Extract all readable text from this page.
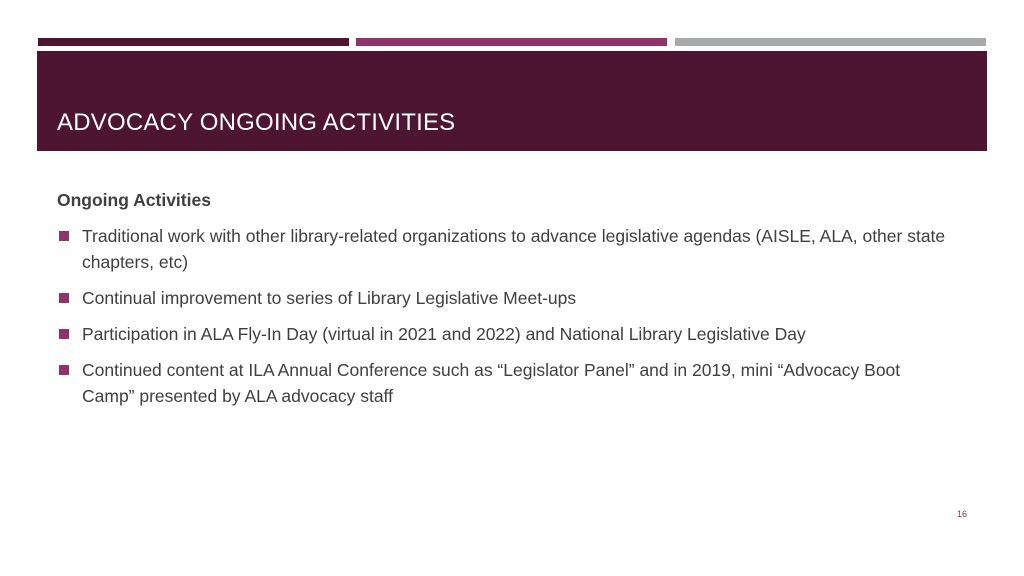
ADVOCACY ONGOING ACTIVITIES
Ongoing Activities
Traditional work with other library-related organizations to advance legislative agendas (AISLE, ALA, other state chapters, etc)
Continual improvement to series of Library Legislative Meet-ups
Participation in ALA Fly-In Day (virtual in 2021 and 2022) and National Library Legislative Day
Continued content at ILA Annual Conference such as “Legislator Panel” and in 2019, mini “Advocacy Boot Camp” presented by ALA advocacy staff
16
